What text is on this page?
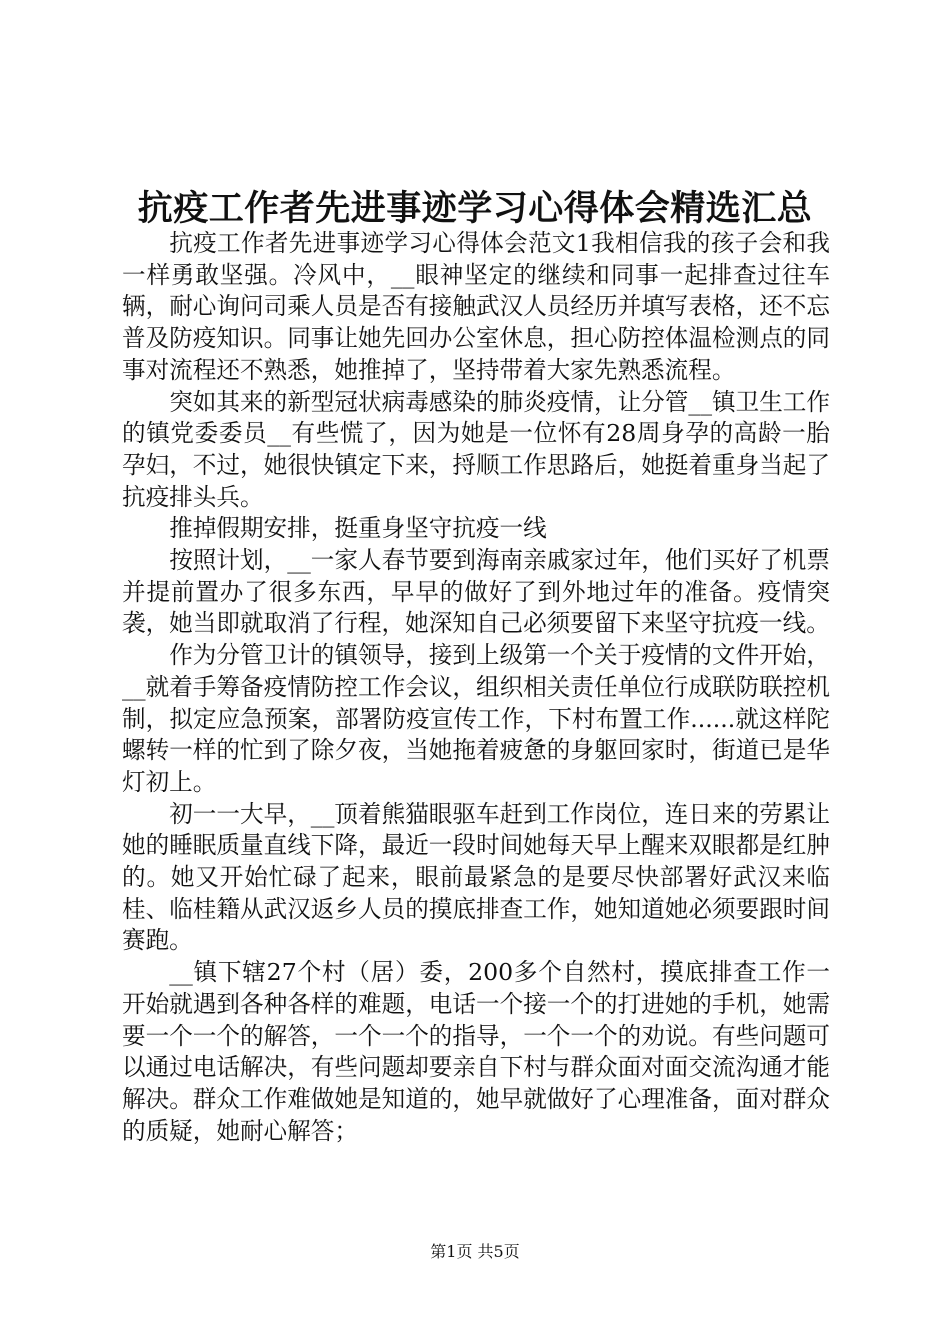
抗疫工作者先进事迹学习心得体会精选汇总

抗疫工作者先进事迹学习心得体会范文1我相信我的孩子会和我一样勇敢坚强。冷风中，__眼神坚定的继续和同事一起排查过往车辆，耐心询问司乘人员是否有接触武汉人员经历并填写表格，还不忘普及防疫知识。同事让她先回办公室休息，担心防控体温检测点的同事对流程还不熟悉，她推掉了，坚持带着大家先熟悉流程。

突如其来的新型冠状病毒感染的肺炎疫情，让分管__镇卫生工作的镇党委委员__有些慌了，因为她是一位怀有28周身孕的高龄一胎孕妇，不过，她很快镇定下来，捋顺工作思路后，她挺着重身当起了抗疫排头兵。

推掉假期安排，挺重身坚守抗疫一线

按照计划，__一家人春节要到海南亲戚家过年，他们买好了机票并提前置办了很多东西，早早的做好了到外地过年的准备。疫情突袭，她当即就取消了行程，她深知自己必须要留下来坚守抗疫一线。

作为分管卫计的镇领导，接到上级第一个关于疫情的文件开始，__就着手筹备疫情防控工作会议，组织相关责任单位行成联防联控机制，拟定应急预案，部署防疫宣传工作，下村布置工作......就这样陀螺转一样的忙到了除夕夜，当她拖着疲惫的身躯回家时，街道已是华灯初上。

初一一大早，__顶着熊猫眼驱车赶到工作岗位，连日来的劳累让她的睡眠质量直线下降，最近一段时间她每天早上醒来双眼都是红肿的。她又开始忙碌了起来，眼前最紧急的是要尽快部署好武汉来临桂、临桂籍从武汉返乡人员的摸底排查工作，她知道她必须要跟时间赛跑。

__镇下辖27个村（居）委，200多个自然村，摸底排查工作一开始就遇到各种各样的难题，电话一个接一个的打进她的手机，她需要一个一个的解答，一个一个的指导，一个一个的劝说。有些问题可以通过电话解决，有些问题却要亲自下村与群众面对面交流沟通才能解决。群众工作难做她是知道的，她早就做好了心理准备，面对群众的质疑，她耐心解答；

第1页 共5页
